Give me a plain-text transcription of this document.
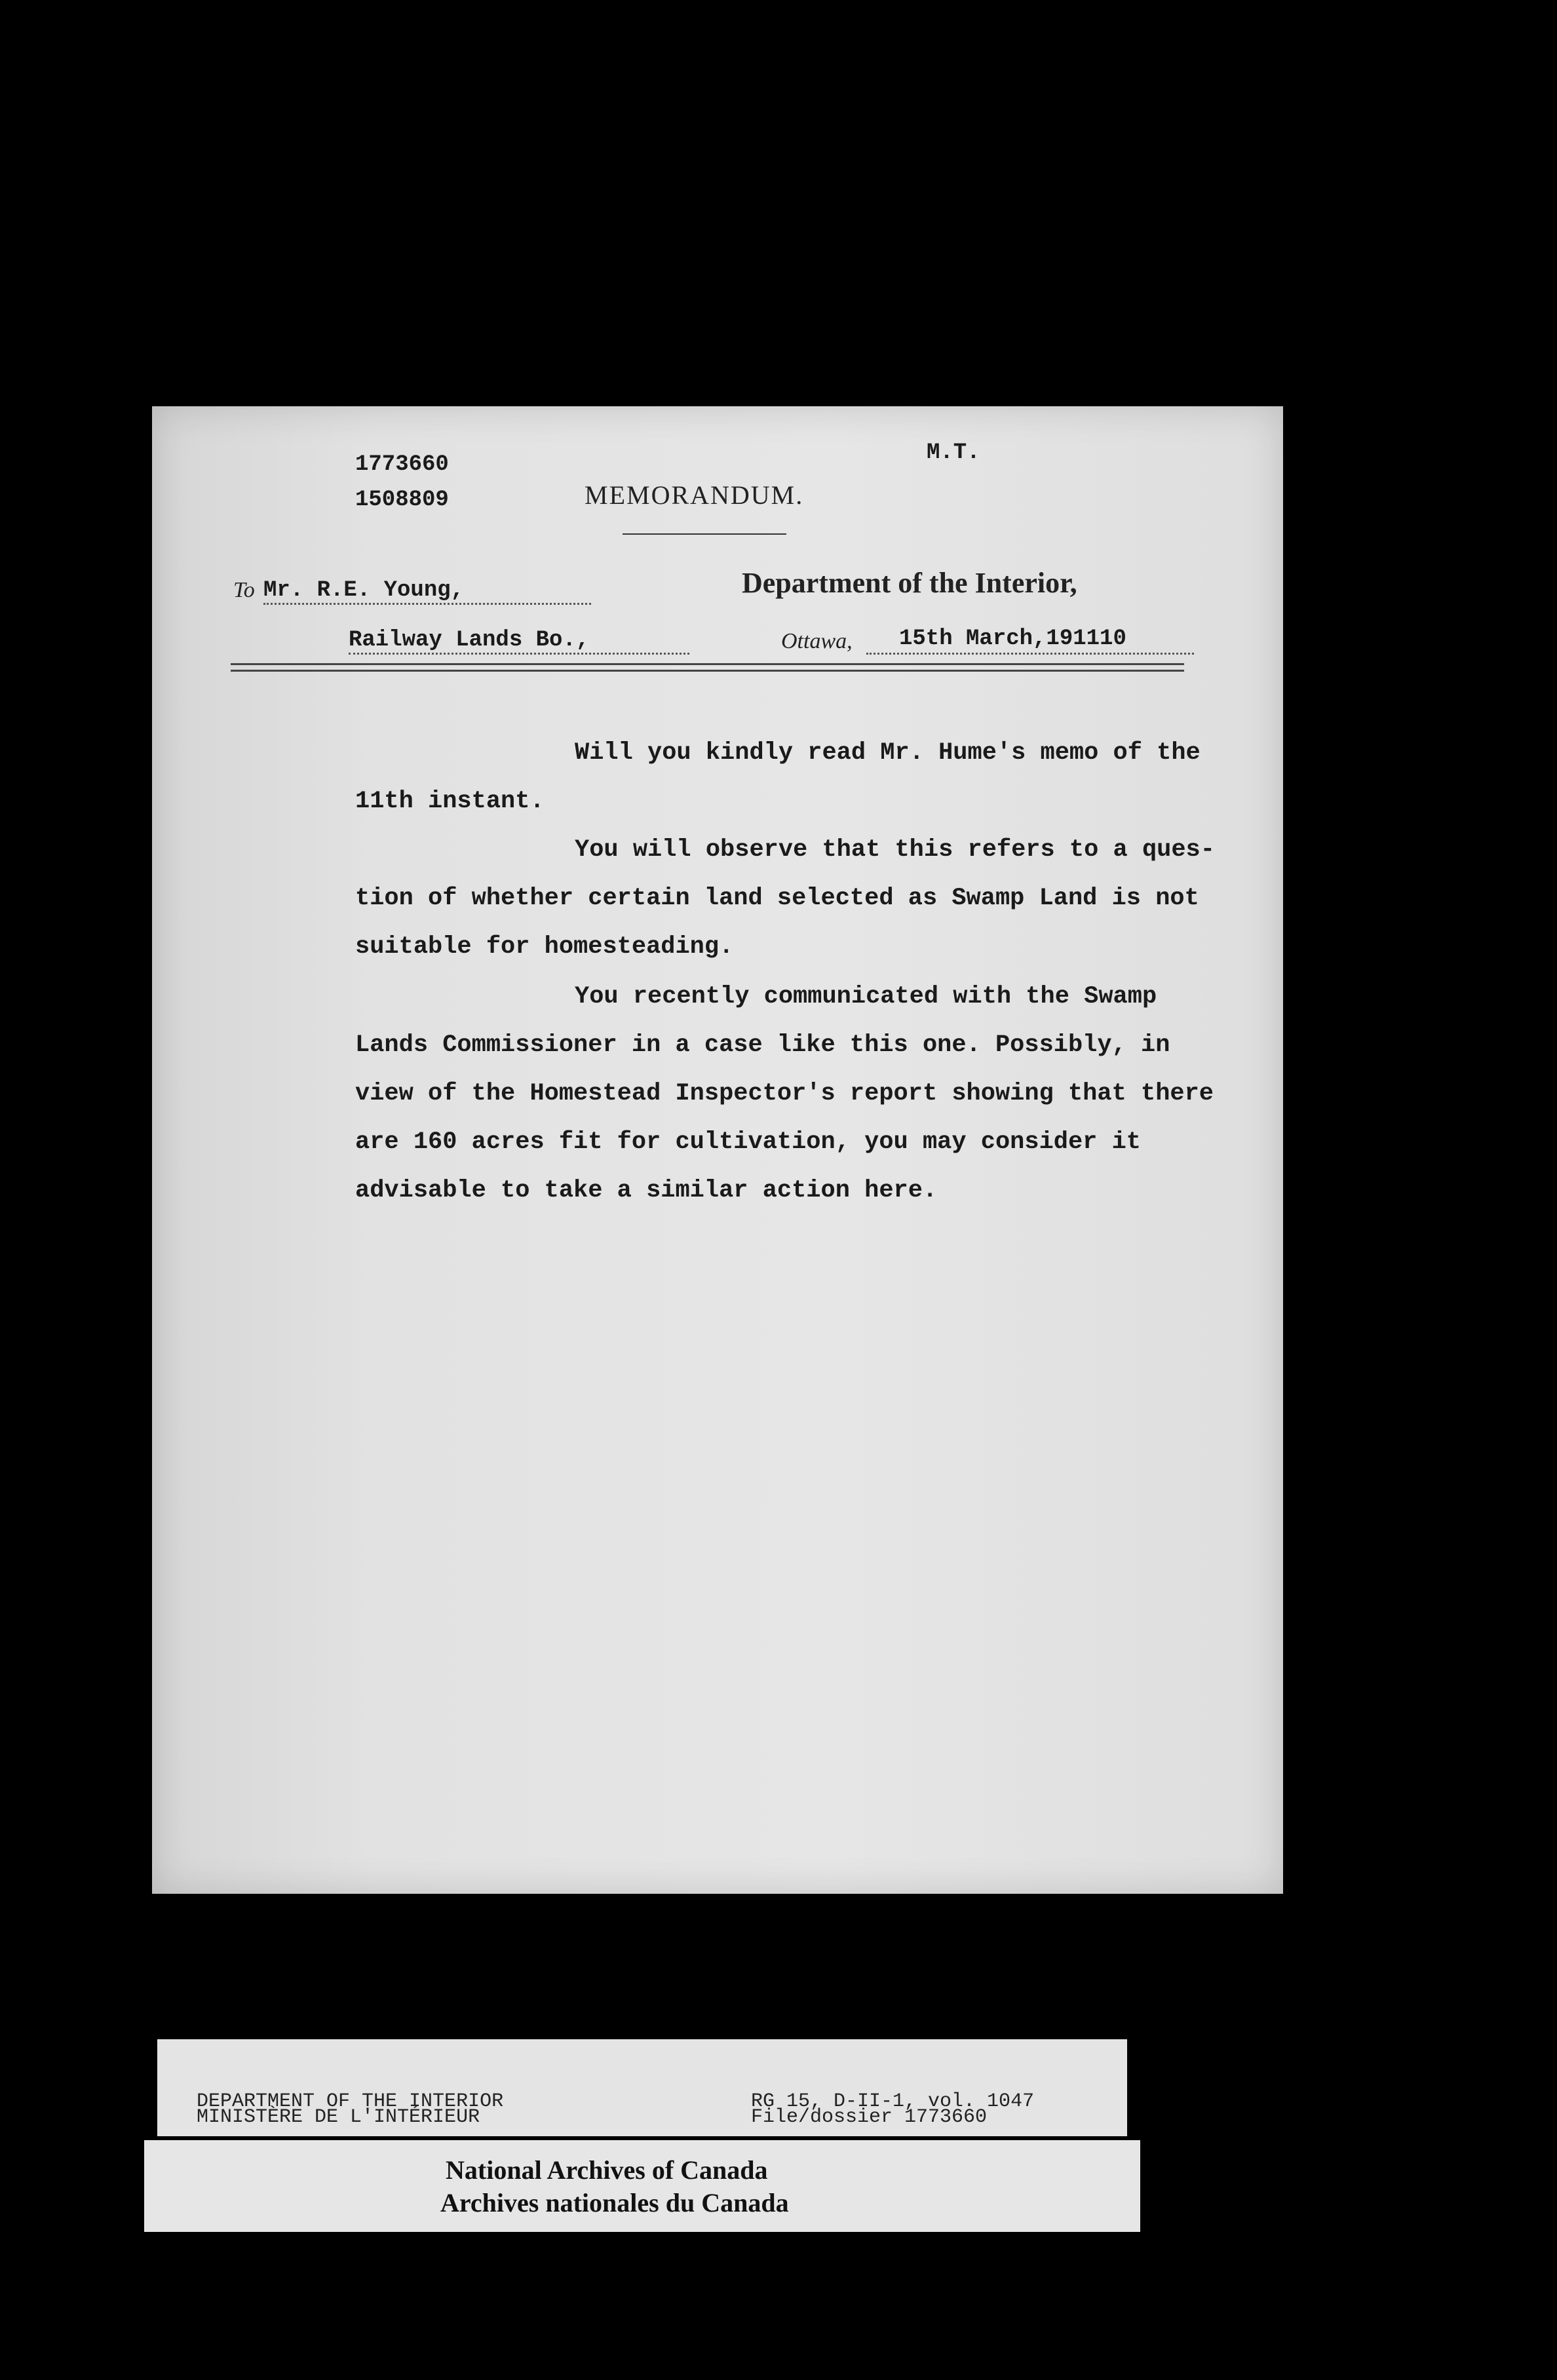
1773660
1508809
M.T.
MEMORANDUM.
To Mr. R.E. Young,	Department of the Interior,
Railway Lands Bo.,	Ottawa, 15th March,191110
Will you kindly read Mr. Hume's memo of the
11th instant.
You will observe that this refers to a ques-
tion of whether certain land selected as Swamp Land is not
suitable for homesteading.
You recently communicated with the Swamp
Lands Commissioner in a case like this one. Possibly, in
view of the Homestead Inspector's report showing that there
are 160 acres fit for cultivation, you may consider it
advisable to take a similar action here.
DEPARTMENT OF THE INTERIOR
MINISTÈRE DE L'INTÉRIEUR
RG 15, D-II-1, vol. 1047
File/dossier 1773660
National Archives of Canada
Archives nationales du Canada
